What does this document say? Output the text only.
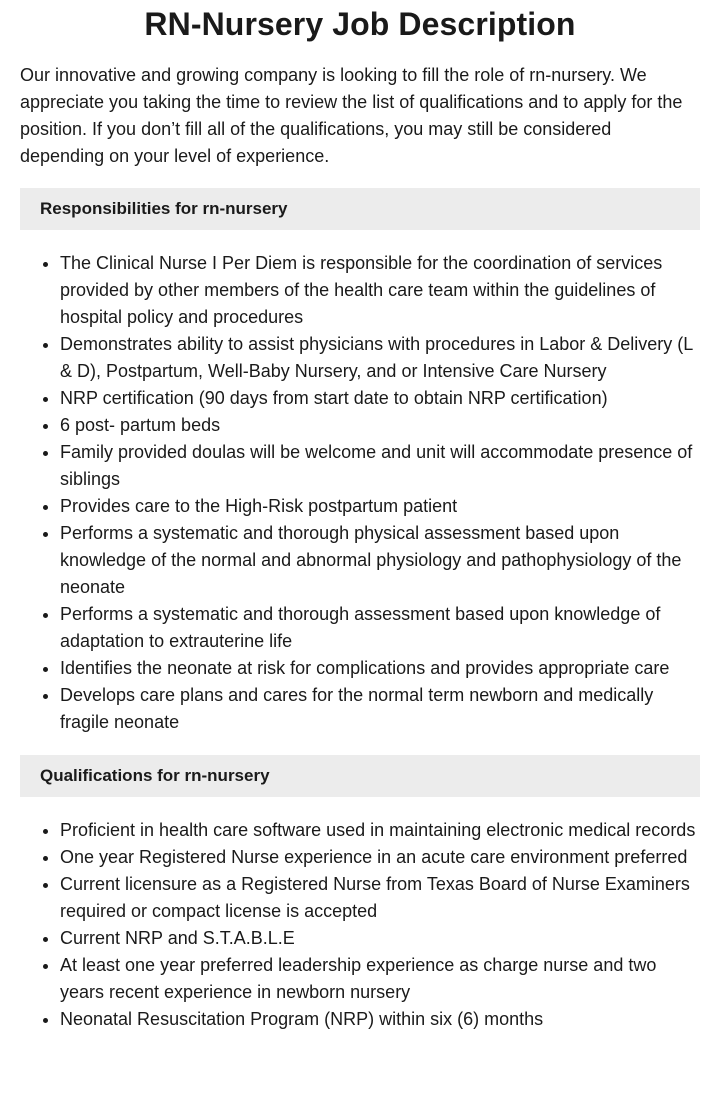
RN-Nursery Job Description

Our innovative and growing company is looking to fill the role of rn-nursery. We appreciate you taking the time to review the list of qualifications and to apply for the position. If you don’t fill all of the qualifications, you may still be considered depending on your level of experience.

Responsibilities for rn-nursery
• The Clinical Nurse I Per Diem is responsible for the coordination of services provided by other members of the health care team within the guidelines of hospital policy and procedures
• Demonstrates ability to assist physicians with procedures in Labor & Delivery (L & D), Postpartum, Well-Baby Nursery, and or Intensive Care Nursery
• NRP certification (90 days from start date to obtain NRP certification)
• 6 post- partum beds
• Family provided doulas will be welcome and unit will accommodate presence of siblings
• Provides care to the High-Risk postpartum patient
• Performs a systematic and thorough physical assessment based upon knowledge of the normal and abnormal physiology and pathophysiology of the neonate
• Performs a systematic and thorough assessment based upon knowledge of adaptation to extrauterine life
• Identifies the neonate at risk for complications and provides appropriate care
• Develops care plans and cares for the normal term newborn and medically fragile neonate
Qualifications for rn-nursery
• Proficient in health care software used in maintaining electronic medical records
• One year Registered Nurse experience in an acute care environment preferred
• Current licensure as a Registered Nurse from Texas Board of Nurse Examiners required or compact license is accepted
• Current NRP and S.T.A.B.L.E
• At least one year preferred leadership experience as charge nurse and two years recent experience in newborn nursery
• Neonatal Resuscitation Program (NRP) within six (6) months
